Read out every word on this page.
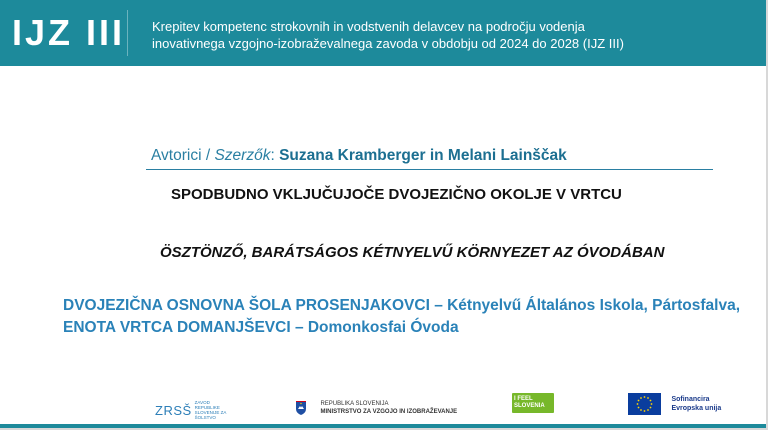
IJZ III Krepitev kompetenc strokovnih in vodstvenih delavcev na področju vodenja
inovativnega vzgojno-izobraževalnega zavoda v obdobju od 2024 do 2028 (IJZ III)
Avtorici / Szerzők: Suzana Kramberger in Melani Lainščak
SPODBUDNO VKLJUČUJOČE DVOJEZIČNO OKOLJE V VRTCU
ÖSZTÖNZŐ, BARÁTSÁGOS KÉTNYELVŰ KÖRNYEZET AZ ÓVODÁBAN
DVOJEZIČNA OSNOVNA ŠOLA PROSENJAKOVCI – Kétnyelvű Általános Iskola, Pártosfalva,
ENOTA VRTCA DOMANJŠEVCI – Domonkosfai Óvoda
ZRSŠ ZAVOD REPUBLIKE SLOVENIJE ZA ŠOLSTVO

REPUBLIKA SLOVENIJA
MINISTRSTVO ZA VZGOJO IN IZOBRAŽEVANJE
I FEEL
SLOVENIA

Sofinancira
Evropska unija
